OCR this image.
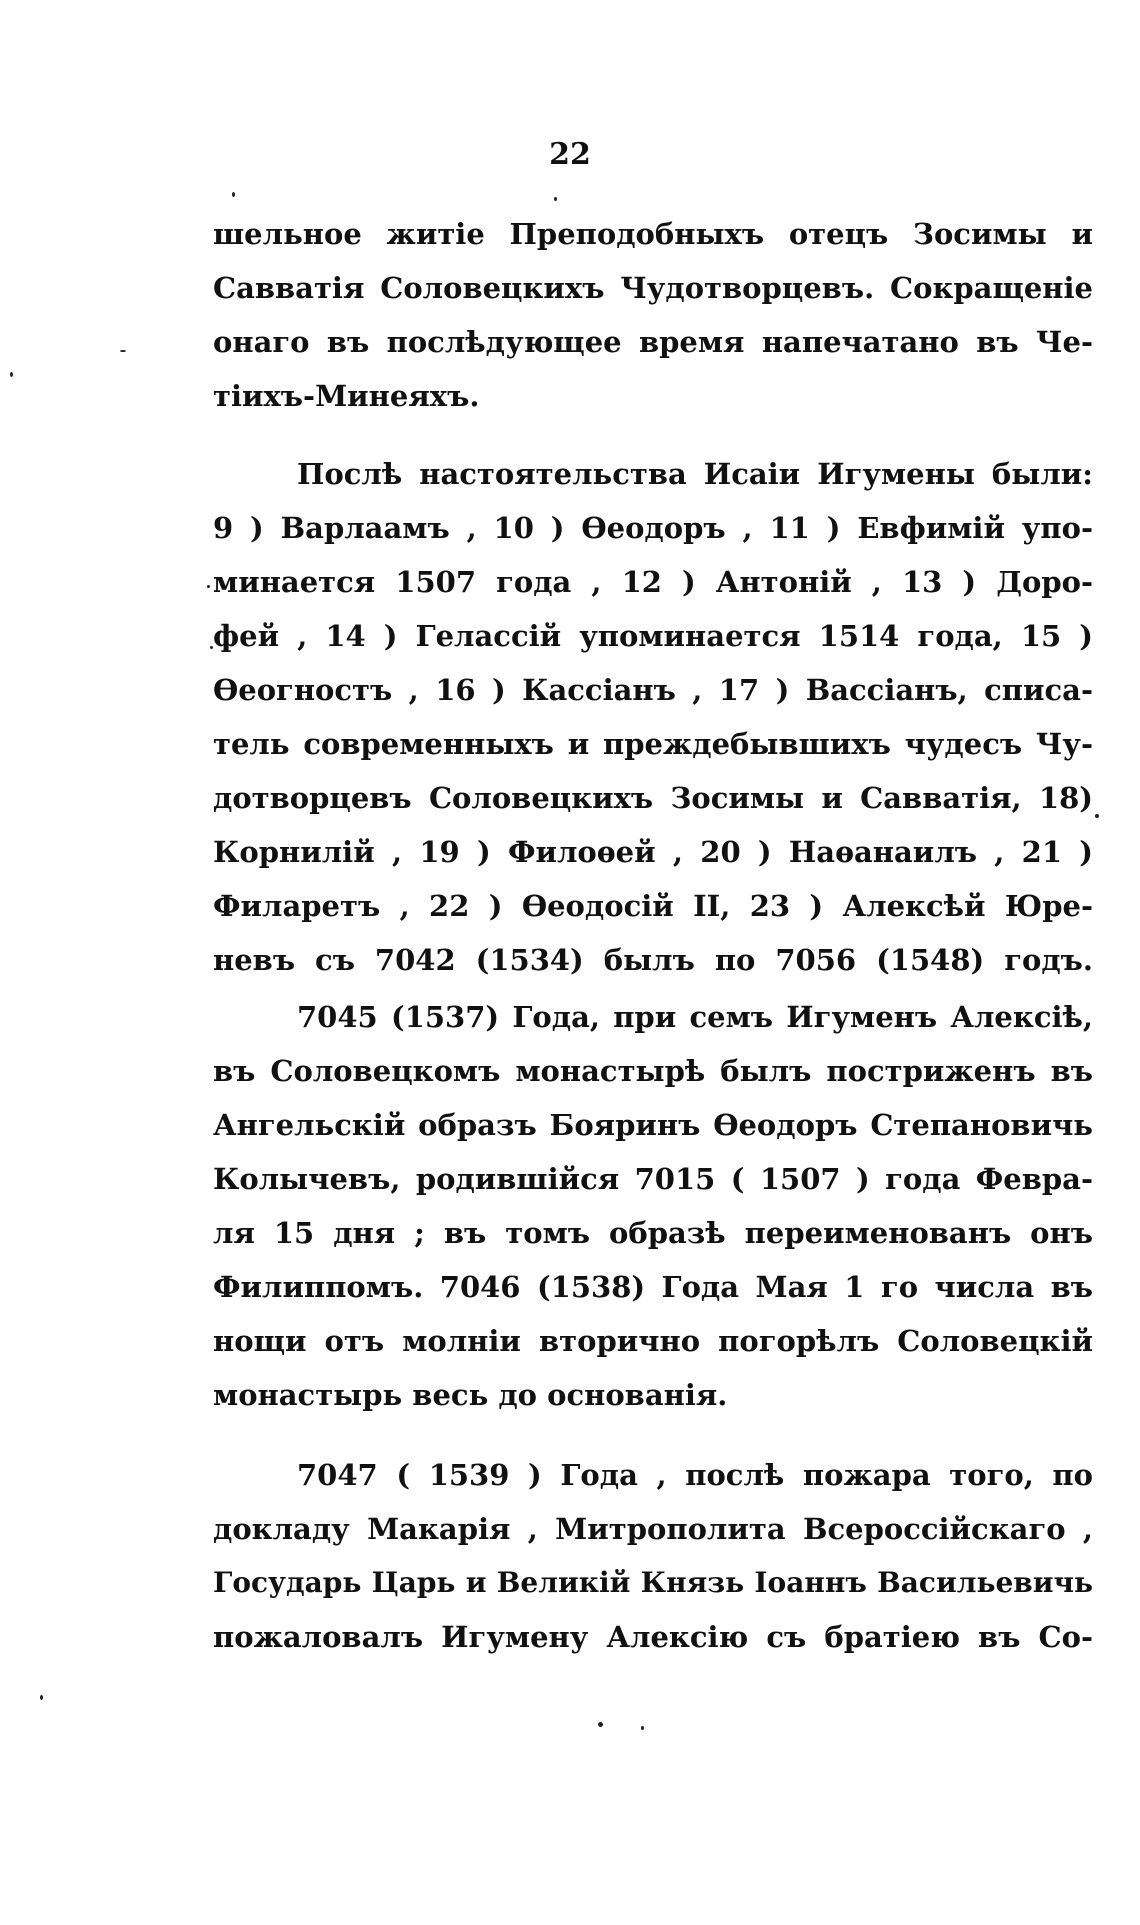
22
шельное житіе Преподобныхъ отецъ Зосимы и
Савватія Соловецкихъ Чудотворцевъ. Сокращеніе
онаго въ послѣдующее время напечатано въ Че-
тіихъ-Минеяхъ.
Послѣ настоятельства Исаіи Игумены были:
9 ) Варлаамъ , 10 ) Ѳеодоръ , 11 ) Евфимій упо-
минается 1507 года , 12 ) Антоній , 13 ) Доро-
фей , 14 ) Гелассій упоминается 1514 года, 15 )
Ѳеогностъ , 16 ) Кассіанъ , 17 ) Вассіанъ, списа-
тель современныхъ и преждебывшихъ чудесъ Чу-
дотворцевъ Соловецкихъ Зосимы и Савватія, 18)
Корнилій , 19 ) Филоѳей , 20 ) Наѳанаилъ , 21 )
Филаретъ , 22 ) Ѳеодосій II, 23 ) Алексѣй Юре-
невъ съ 7042 (1534) былъ по 7056 (1548) годъ.
7045 (1537) Года, при семъ Игуменъ Алексіѣ,
въ Соловецкомъ монастырѣ былъ постриженъ въ
Ангельскій образъ Бояринъ Ѳеодоръ Степановичь
Колычевъ, родившійся 7015 ( 1507 ) года Февра-
ля 15 дня ; въ томъ образѣ переименованъ онъ
Филиппомъ. 7046 (1538) Года Мая 1 го числа въ
нощи отъ молніи вторично погорѣлъ Соловецкій
монастырь весь до основанія.
7047 ( 1539 ) Года , послѣ пожара того, по
докладу Макарія , Митрополита Всероссійскаго ,
Государь Царь и Великій Князь Іоаннъ Васильевичь
пожаловалъ Игумену Алексію съ братіею въ Со-
